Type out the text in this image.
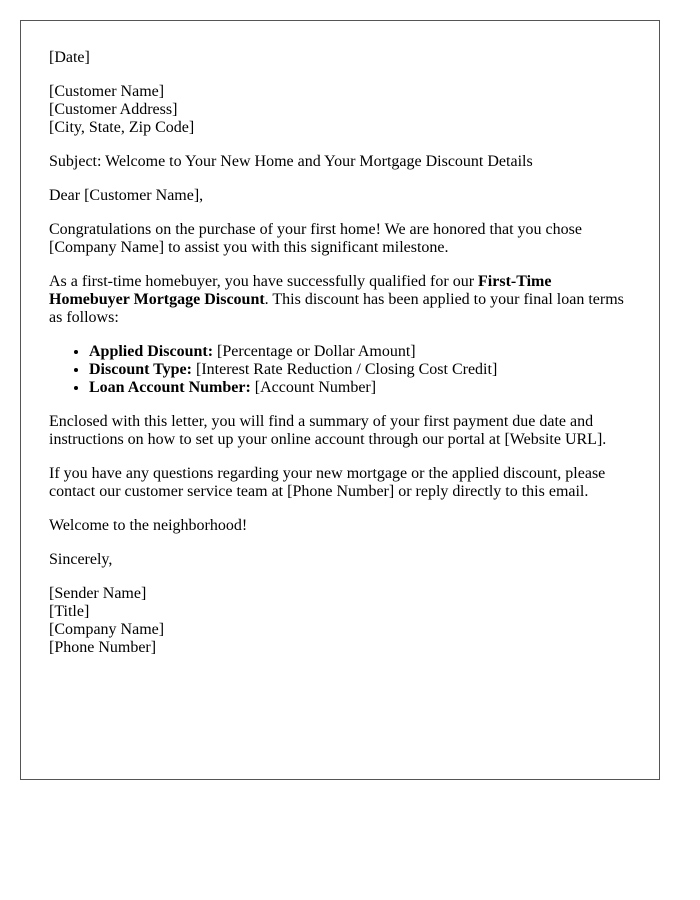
[Date]

[Customer Name]
[Customer Address]
[City, State, Zip Code]

Subject: Welcome to Your New Home and Your Mortgage Discount Details

Dear [Customer Name],

Congratulations on the purchase of your first home! We are honored that you chose [Company Name] to assist you with this significant milestone.

As a first-time homebuyer, you have successfully qualified for our First-Time Homebuyer Mortgage Discount. This discount has been applied to your final loan terms as follows:

• Applied Discount: [Percentage or Dollar Amount]
• Discount Type: [Interest Rate Reduction / Closing Cost Credit]
• Loan Account Number: [Account Number]

Enclosed with this letter, you will find a summary of your first payment due date and instructions on how to set up your online account through our portal at [Website URL].

If you have any questions regarding your new mortgage or the applied discount, please contact our customer service team at [Phone Number] or reply directly to this email.

Welcome to the neighborhood!

Sincerely,

[Sender Name]
[Title]
[Company Name]
[Phone Number]
